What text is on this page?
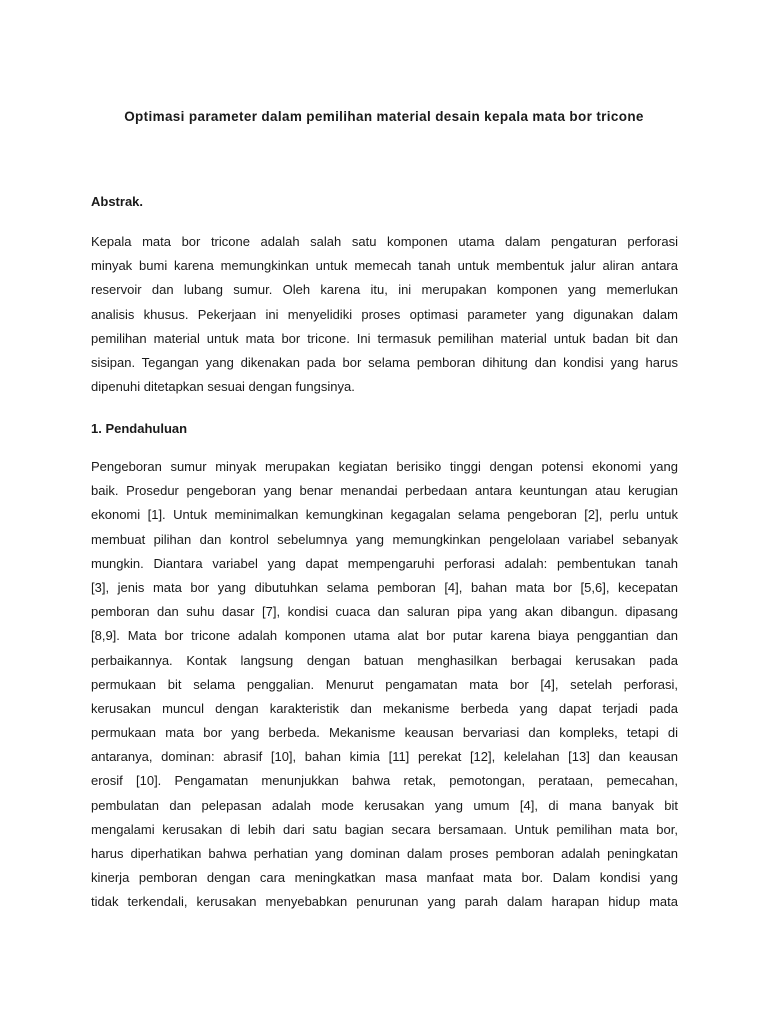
Optimasi parameter dalam pemilihan material desain kepala mata bor tricone
Abstrak.
Kepala mata bor tricone adalah salah satu komponen utama dalam pengaturan perforasi
minyak bumi karena memungkinkan untuk memecah tanah untuk membentuk jalur aliran antara
reservoir dan lubang sumur. Oleh karena itu, ini merupakan komponen yang memerlukan
analisis khusus. Pekerjaan ini menyelidiki proses optimasi parameter yang digunakan dalam
pemilihan material untuk mata bor tricone. Ini termasuk pemilihan material untuk badan bit dan
sisipan. Tegangan yang dikenakan pada bor selama pemboran dihitung dan kondisi yang harus
dipenuhi ditetapkan sesuai dengan fungsinya.
1. Pendahuluan
Pengeboran sumur minyak merupakan kegiatan berisiko tinggi dengan potensi ekonomi yang
baik. Prosedur pengeboran yang benar menandai perbedaan antara keuntungan atau kerugian
ekonomi [1]. Untuk meminimalkan kemungkinan kegagalan selama pengeboran [2], perlu untuk
membuat pilihan dan kontrol sebelumnya yang memungkinkan pengelolaan variabel sebanyak
mungkin. Diantara variabel yang dapat mempengaruhi perforasi adalah: pembentukan tanah
[3], jenis mata bor yang dibutuhkan selama pemboran [4], bahan mata bor [5,6], kecepatan
pemboran dan suhu dasar [7], kondisi cuaca dan saluran pipa yang akan dibangun. dipasang
[8,9]. Mata bor tricone adalah komponen utama alat bor putar karena biaya penggantian dan
perbaikannya. Kontak langsung dengan batuan menghasilkan berbagai kerusakan pada
permukaan bit selama penggalian. Menurut pengamatan mata bor [4], setelah perforasi,
kerusakan muncul dengan karakteristik dan mekanisme berbeda yang dapat terjadi pada
permukaan mata bor yang berbeda. Mekanisme keausan bervariasi dan kompleks, tetapi di
antaranya, dominan: abrasif [10], bahan kimia [11] perekat [12], kelelahan [13] dan keausan
erosif [10]. Pengamatan menunjukkan bahwa retak, pemotongan, perataan, pemecahan,
pembulatan dan pelepasan adalah mode kerusakan yang umum [4], di mana banyak bit
mengalami kerusakan di lebih dari satu bagian secara bersamaan. Untuk pemilihan mata bor,
harus diperhatikan bahwa perhatian yang dominan dalam proses pemboran adalah peningkatan
kinerja pemboran dengan cara meningkatkan masa manfaat mata bor. Dalam kondisi yang
tidak terkendali, kerusakan menyebabkan penurunan yang parah dalam harapan hidup mata
